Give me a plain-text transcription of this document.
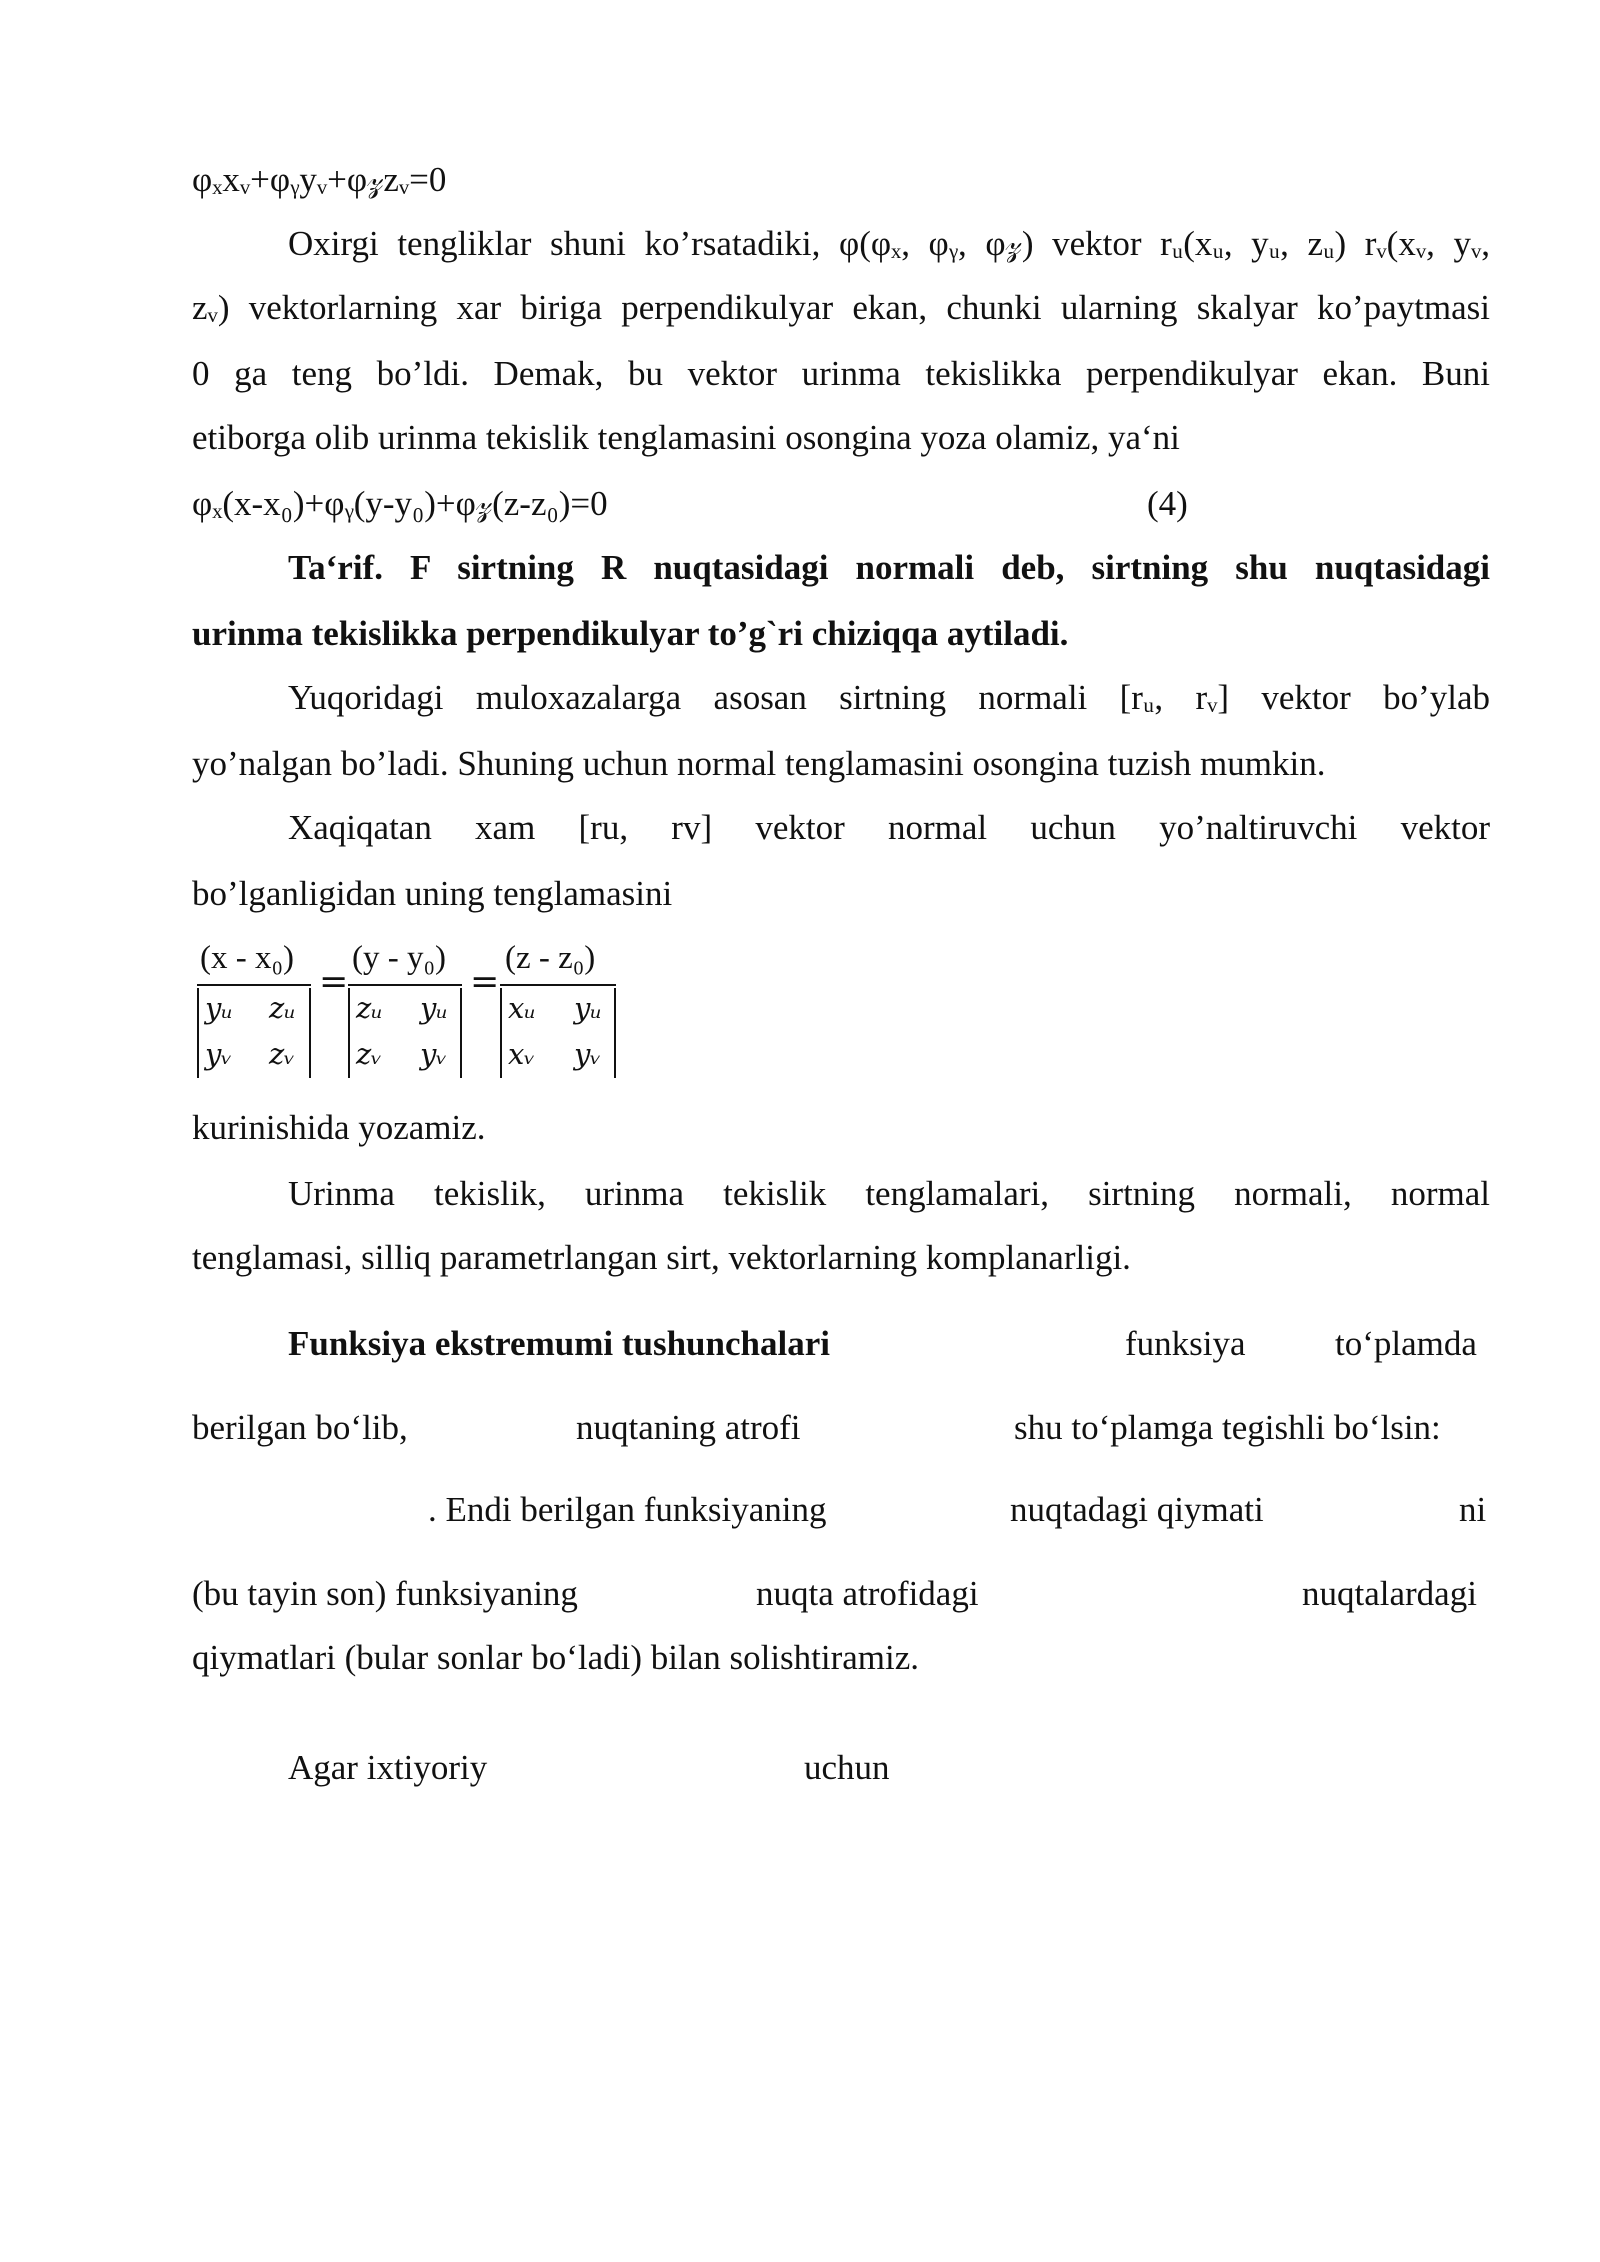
φₓxᵥ+φᵧyᵥ+φ𝓏zᵥ=0
Oxirgi tengliklar shuni ko’rsatadiki, φ(φₓ, φᵧ, φ𝓏) vektor rᵤ(xᵤ, yᵤ, zᵤ) rᵥ(xᵥ, yᵥ,
zᵥ) vektorlarning xar biriga perpendikulyar ekan, chunki ularning skalyar ko’paytmasi
0 ga teng bo’ldi. Demak, bu vektor urinma tekislikka perpendikulyar ekan. Buni
etiborga olib urinma tekislik tenglamasini osongina yoza olamiz, ya‘ni
φₓ(x-x₀)+φᵧ(y-y₀)+φ𝓏(z-z₀)=0	(4)
Ta‘rif. F sirtning R nuqtasidagi normali deb, sirtning shu nuqtasidagi
urinma tekislikka perpendikulyar to’g`ri chiziqqa aytiladi.
Yuqoridagi muloxazalarga asosan sirtning normali [rᵤ, rᵥ] vektor bo’ylab
yo’nalgan bo’ladi. Shuning uchun normal tenglamasini osongina tuzish mumkin.
Xaqiqatan xam [ru, rv] vektor normal uchun yo’naltiruvchi vektor
bo’lganligidan uning tenglamasini
(x - x₀)
yᵤ zᵤ
yᵥ zᵥ
=
(y - y₀)
zᵤ yᵤ
zᵥ yᵥ
=
(z - z₀)
xᵤ yᵤ
xᵥ yᵥ
kurinishida yozamiz.
Urinma tekislik, urinma tekislik tenglamalari, sirtning normali, normal
tenglamasi, silliq parametrlangan sirt, vektorlarning komplanarligi.
Funksiya ekstremumi tushunchalari	funksiya	to‘plamda
berilgan bo‘lib,	nuqtaning atrofi	shu to‘plamga tegishli bo‘lsin:
. Endi berilgan funksiyaning	nuqtadagi qiymati	ni
(bu tayin son) funksiyaning	nuqta atrofidagi	nuqtalardagi
qiymatlari (bular sonlar bo‘ladi) bilan solishtiramiz.
Agar ixtiyoriy	uchun
